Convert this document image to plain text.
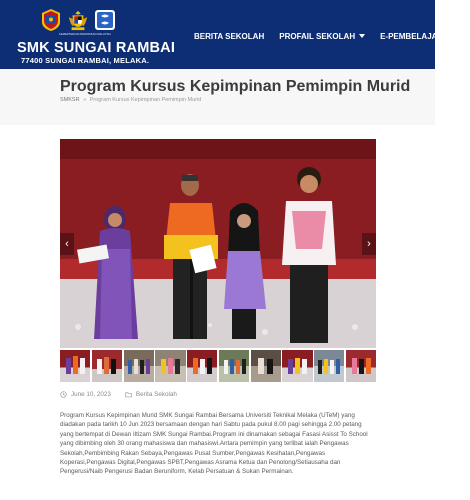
KEMENTERIAN PENDIDIKAN MALAYSIA
SMK SUNGAI RAMBAI
77400 SUNGAI RAMBAI, MELAKA.
BERITA SEKOLAH PROFAIL SEKOLAH	E-PEMBELAJARAN
Program Kursus Kepimpinan Pemimpin Murid
SMKSR » Program Kursus Kepimpinan Pemimpin Murid
‹	›
June 10, 2023	Berita Sekolah

Program Kursus Kepimpinan Murid SMK Sungai Rambai Bersama Universiti Teknikal Melaka (UTeM) yang diadakan pada tarikh 10 Jun 2023 bersamaan dengan hari Sabtu pada pukul 8.00 pagi sehingga 2.00 petang yang bertempat di Dewan Iltizam SMK Sungai Rambai.Program ini dinamakan sebagai Fasasi Asisst To School yang dibimbing oleh 30 orang mahasiswa dan mahasiswi.Antara pemimpin yang terlibat ialah Pengawas Sekolah,Pembimbing Rakan Sebaya,Pengawas Pusat Sumber,Pengawas Kesihatan,Pengawas Koperasi,Pengawas Digital,Pengawas SPBT,Pengawas Asrama Ketua dan Penolong/Setiausaha dan Pengerusi/Naib Pengerusi Badan Beruniform, Kelab Persatuan & Sukan Permainan.
